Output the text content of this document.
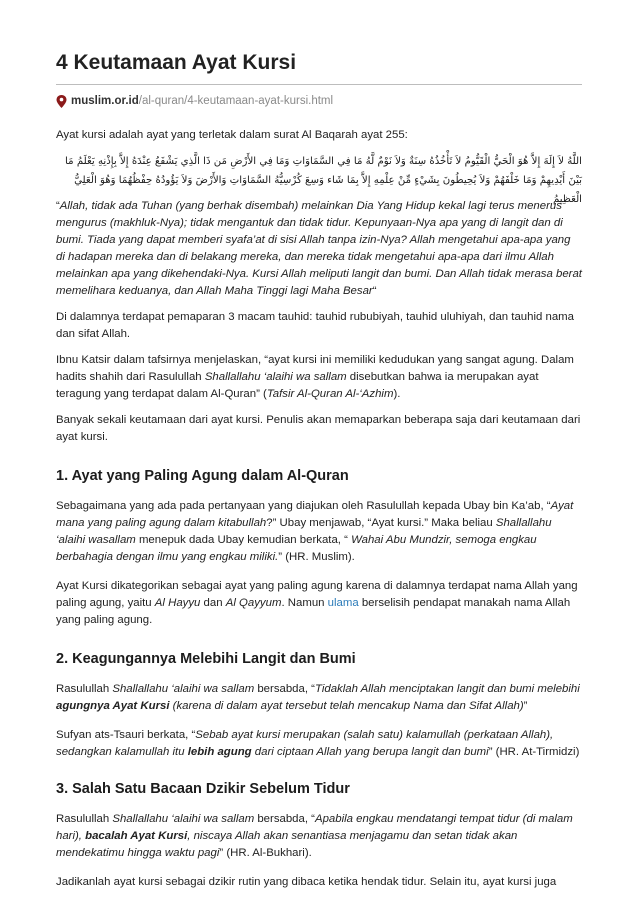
4 Keutamaan Ayat Kursi
muslim.or.id /al-quran/4-keutamaan-ayat-kursi.html

Ayat kursi adalah ayat yang terletak dalam surat Al Baqarah ayat 255:

اللَّهُ لاَ إِلَهَ إِلاَّ هُوَ الْحَيُّ الْقَيُّومُ لاَ تَأْخُذُهُ سِنَةٌ وَلاَ نَوْمٌ لَّهُ مَا فِي السَّمَاوَاتِ وَمَا فِي الأَرْضِ مَن ذَا الَّذِي يَشْفَعُ عِنْدَهُ إِلاَّ بِإِذْنِهِ يَعْلَمُ مَا بَيْنَ أَيْدِيهِمْ وَمَا خَلْفَهُمْ وَلاَ يُحِيطُونَ بِشَيْءٍ مِّنْ عِلْمِهِ إِلاَّ بِمَا شَاء وَسِعَ كُرْسِيُّهُ السَّمَاوَاتِ وَالأَرْضَ وَلاَ يَؤُودُهُ حِفْظُهُمَا وَهُوَ الْعَلِيُّ الْعَظِيمُ

“Allah, tidak ada Tuhan (yang berhak disembah) melainkan Dia Yang Hidup kekal lagi terus menerus mengurus (makhluk-Nya); tidak mengantuk dan tidak tidur. Kepunyaan-Nya apa yang di langit dan di bumi. Tiada yang dapat memberi syafa’at di sisi Allah tanpa izin-Nya? Allah mengetahui apa-apa yang di hadapan mereka dan di belakang mereka, dan mereka tidak mengetahui apa-apa dari ilmu Allah melainkan apa yang dikehendaki-Nya. Kursi Allah meliputi langit dan bumi. Dan Allah tidak merasa berat memelihara keduanya, dan Allah Maha Tinggi lagi Maha Besar“

Di dalamnya terdapat pemaparan 3 macam tauhid: tauhid rububiyah, tauhid uluhiyah, dan tauhid nama dan sifat Allah.

Ibnu Katsir dalam tafsirnya menjelaskan, “ayat kursi ini memiliki kedudukan yang sangat agung. Dalam hadits shahih dari Rasulullah Shallallahu ‘alaihi wa sallam disebutkan bahwa ia merupakan ayat teragung yang terdapat dalam Al-Quran” (Tafsir Al-Quran Al-‘Azhim).

Banyak sekali keutamaan dari ayat kursi. Penulis akan memaparkan beberapa saja dari keutamaan dari ayat kursi.

1. Ayat yang Paling Agung dalam Al-Quran

Sebagaimana yang ada pada pertanyaan yang diajukan oleh Rasulullah kepada Ubay bin Ka’ab, “Ayat mana yang paling agung dalam kitabullah?” Ubay menjawab, “Ayat kursi.” Maka beliau Shallallahu ‘alaihi wasallam menepuk dada Ubay kemudian berkata, “ Wahai Abu Mundzir, semoga engkau berbahagia dengan ilmu yang engkau miliki.” (HR. Muslim).

Ayat Kursi dikategorikan sebagai ayat yang paling agung karena di dalamnya terdapat nama Allah yang paling agung, yaitu Al Hayyu dan Al Qayyum. Namun ulama berselisih pendapat manakah nama Allah yang paling agung.

2. Keagungannya Melebihi Langit dan Bumi

Rasulullah Shallallahu ‘alaihi wa sallam bersabda, “Tidaklah Allah menciptakan langit dan bumi melebihi agungnya Ayat Kursi (karena di dalam ayat tersebut telah mencakup Nama dan Sifat Allah)”

Sufyan ats-Tsauri berkata, “Sebab ayat kursi merupakan (salah satu) kalamullah (perkataan Allah), sedangkan kalamullah itu lebih agung dari ciptaan Allah yang berupa langit dan bumi” (HR. At-Tirmidzi)

3. Salah Satu Bacaan Dzikir Sebelum Tidur

Rasulullah Shallallahu ‘alaihi wa sallam bersabda, “Apabila engkau mendatangi tempat tidur (di malam hari), bacalah Ayat Kursi, niscaya Allah akan senantiasa menjagamu dan setan tidak akan mendekatimu hingga waktu pagi” (HR. Al-Bukhari).

Jadikanlah ayat kursi sebagai dzikir rutin yang dibaca ketika hendak tidur. Selain itu, ayat kursi juga
